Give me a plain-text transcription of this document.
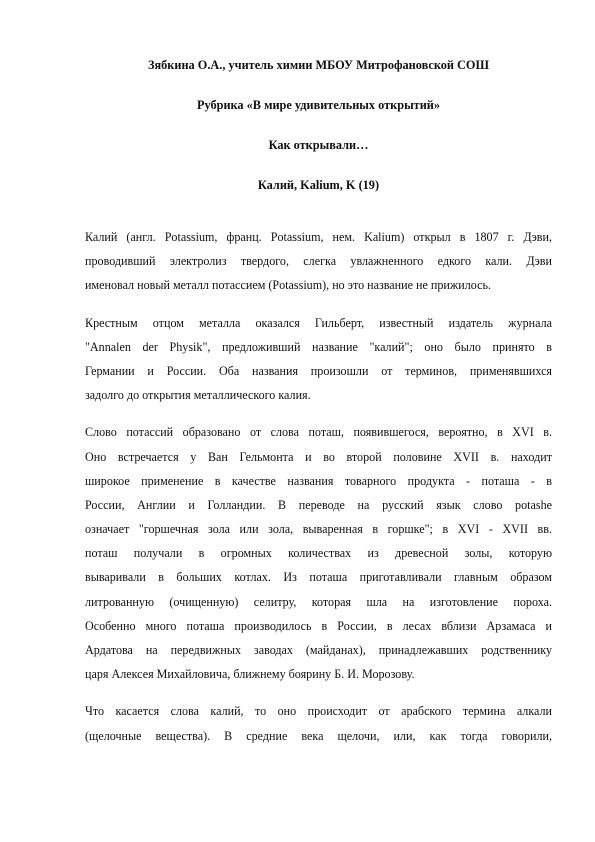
Зябкина О.А., учитель химии МБОУ Митрофановской СОШ

Рубрика «В мире удивительных открытий»

Как открывали…

Калий, Kalium, K (19)

Калий (англ. Potassium, франц. Potassium, нем. Kalium) открыл в 1807 г. Дэви,
проводивший электролиз твердого, слегка увлажненного едкого кали. Дэви
именовал новый металл потассием (Potassium), но это название не прижилось.
Крестным отцом металла оказался Гильберт, известный издатель журнала
"Annalen der Physik", предложивший название "калий"; оно было принято в
Германии и России. Оба названия произошли от терминов, применявшихся
задолго до открытия металлического калия.
Слово потассий образовано от слова поташ, появившегося, вероятно, в XVI в.
Оно встречается у Ван Гельмонта и во второй половине XVII в. находит
широкое применение в качестве названия товарного продукта - поташа - в
России, Англии и Голландии. В переводе на русский язык слово potashe
означает "горшечная зола или зола, вываренная в горшке"; в XVI - XVII вв.
поташ получали в огромных количествах из древесной золы, которую
вываривали в больших котлах. Из поташа приготавливали главным образом
литрованную (очищенную) селитру, которая шла на изготовление пороха.
Особенно много поташа производилось в России, в лесах вблизи Арзамаса и
Ардатова на передвижных заводах (майданах), принадлежавших родственнику
царя Алексея Михайловича, ближнему боярину Б. И. Морозову.
Что касается слова калий, то оно происходит от арабского термина алкали
(щелочные вещества). В средние века щелочи, или, как тогда говорили,
